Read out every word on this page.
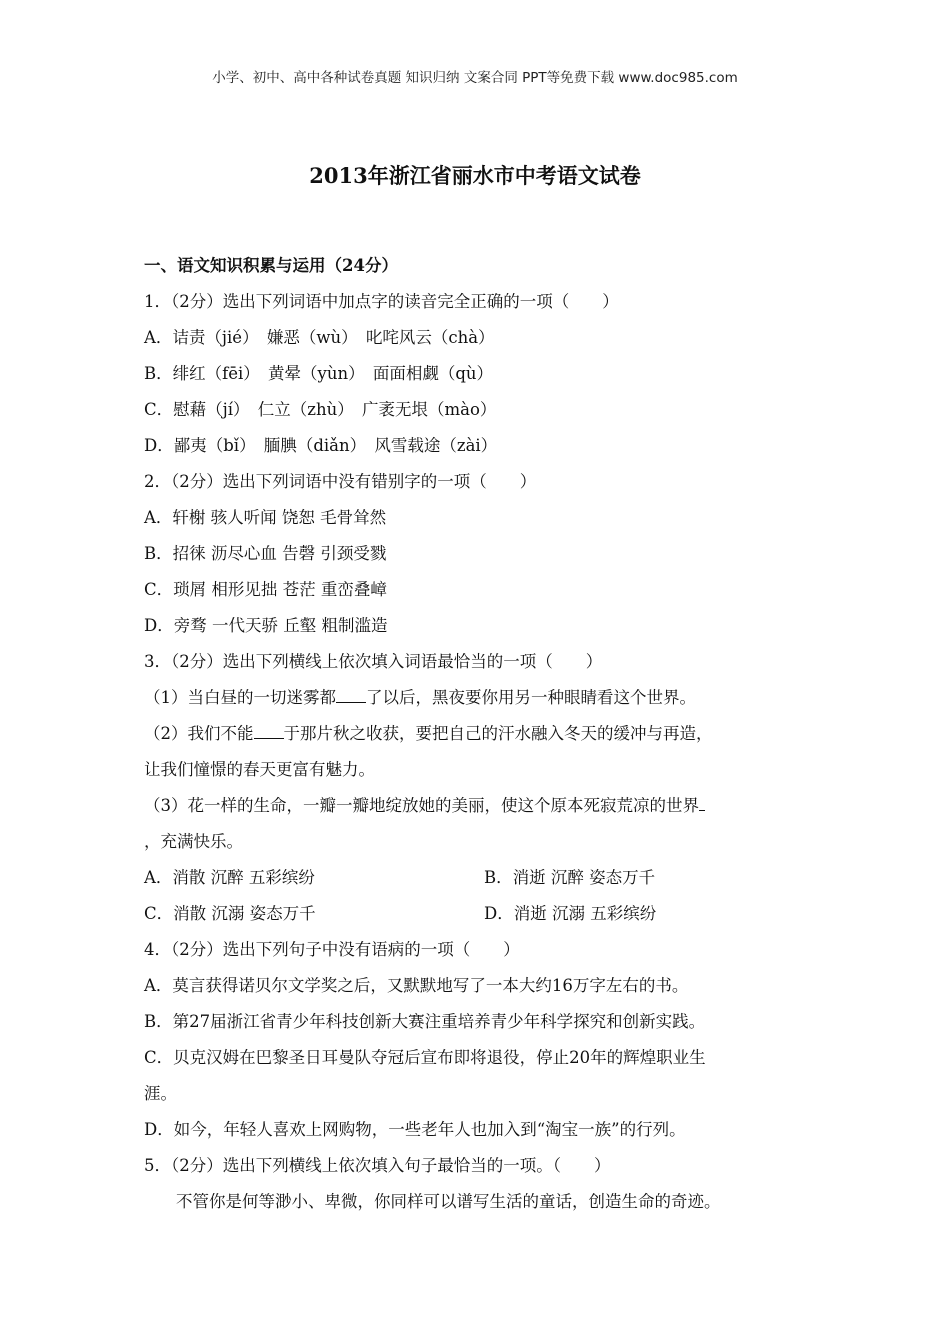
小学、初中、高中各种试卷真题 知识归纳 文案合同 PPT等免费下载 www.doc985.com
2013年浙江省丽水市中考语文试卷
一、语文知识积累与运用（24分）
1．（2分）选出下列词语中加点字的读音完全正确的一项（　　）
A．诘责（jié）　嫌恶（wù）　叱咤风云（chà）
B．绯红（fēi）　黄晕（yùn）　面面相觑（qù）
C．慰藉（jí）　仁立（zhù）　广袤无垠（mào）
D．鄙夷（bǐ）　腼腆（diǎn）　风雪载途（zài）
2．（2分）选出下列词语中没有错别字的一项（　　）
A．轩榭 骇人听闻 饶恕 毛骨耸然
B．招徕 沥尽心血 告磬 引颈受戮
C．琐屑 相形见拙 苍茫 重峦叠嶂
D．旁骛 一代天骄 丘壑 粗制滥造
3．（2分）选出下列横线上依次填入词语最恰当的一项（　　）
（1）当白昼的一切迷雾都 了以后，黑夜要你用另一种眼睛看这个世界。
（2）我们不能 于那片秋之收获，要把自己的汗水融入冬天的缓冲与再造，
让我们憧憬的春天更富有魅力。
（3）花一样的生命，一瓣一瓣地绽放她的美丽，使这个原本死寂荒凉的世界
，充满快乐。
A．消散 沉醉 五彩缤纷	B．消逝 沉醉 姿态万千
C．消散 沉溺 姿态万千	D．消逝 沉溺 五彩缤纷
4．（2分）选出下列句子中没有语病的一项（　　）
A．莫言获得诺贝尔文学奖之后，又默默地写了一本大约16万字左右的书。
B．第27届浙江省青少年科技创新大赛注重培养青少年科学探究和创新实践。
C．贝克汉姆在巴黎圣日耳曼队夺冠后宣布即将退役，停止20年的辉煌职业生
涯。
D．如今，年轻人喜欢上网购物，一些老年人也加入到“淘宝一族”的行列。
5．（2分）选出下列横线上依次填入句子最恰当的一项。（　　）
不管你是何等渺小、卑微，你同样可以谱写生活的童话，创造生命的奇迹。
